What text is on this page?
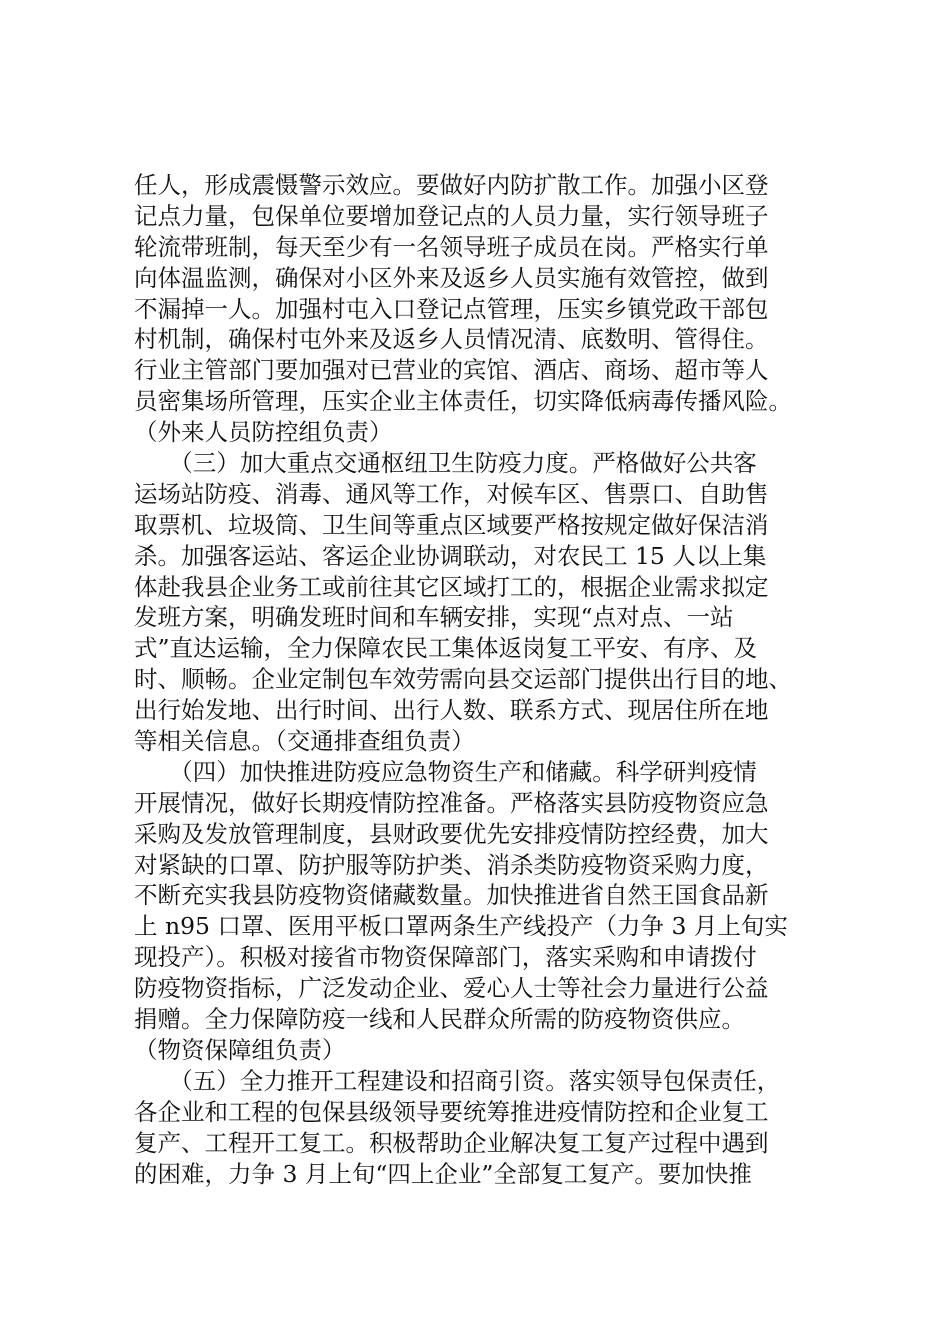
任人，形成震慑警示效应。要做好内防扩散工作。加强小区登
记点力量，包保单位要增加登记点的人员力量，实行领导班子
轮流带班制，每天至少有一名领导班子成员在岗。严格实行单
向体温监测，确保对小区外来及返乡人员实施有效管控，做到
不漏掉一人。加强村屯入口登记点管理，压实乡镇党政干部包
村机制，确保村屯外来及返乡人员情况清、底数明、管得住。
行业主管部门要加强对已营业的宾馆、酒店、商场、超市等人
员密集场所管理，压实企业主体责任，切实降低病毒传播风险。
（外来人员防控组负责）
　　（三）加大重点交通枢纽卫生防疫力度。严格做好公共客
运场站防疫、消毒、通风等工作，对候车区、售票口、自助售
取票机、垃圾筒、卫生间等重点区域要严格按规定做好保洁消
杀。加强客运站、客运企业协调联动，对农民工 15 人以上集
体赴我县企业务工或前往其它区域打工的，根据企业需求拟定
发班方案，明确发班时间和车辆安排，实现“点对点、一站
式”直达运输，全力保障农民工集体返岗复工平安、有序、及
时、顺畅。企业定制包车效劳需向县交运部门提供出行目的地、
出行始发地、出行时间、出行人数、联系方式、现居住所在地
等相关信息。（交通排查组负责）
　　（四）加快推进防疫应急物资生产和储藏。科学研判疫情
开展情况，做好长期疫情防控准备。严格落实县防疫物资应急
采购及发放管理制度，县财政要优先安排疫情防控经费，加大
对紧缺的口罩、防护服等防护类、消杀类防疫物资采购力度，
不断充实我县防疫物资储藏数量。加快推进省自然王国食品新
上 n95 口罩、医用平板口罩两条生产线投产（力争 3 月上旬实
现投产）。积极对接省市物资保障部门，落实采购和申请拨付
防疫物资指标，广泛发动企业、爱心人士等社会力量进行公益
捐赠。全力保障防疫一线和人民群众所需的防疫物资供应。
（物资保障组负责）
　　（五）全力推开工程建设和招商引资。落实领导包保责任，
各企业和工程的包保县级领导要统筹推进疫情防控和企业复工
复产、工程开工复工。积极帮助企业解决复工复产过程中遇到
的困难，力争 3 月上旬“四上企业”全部复工复产。要加快推
